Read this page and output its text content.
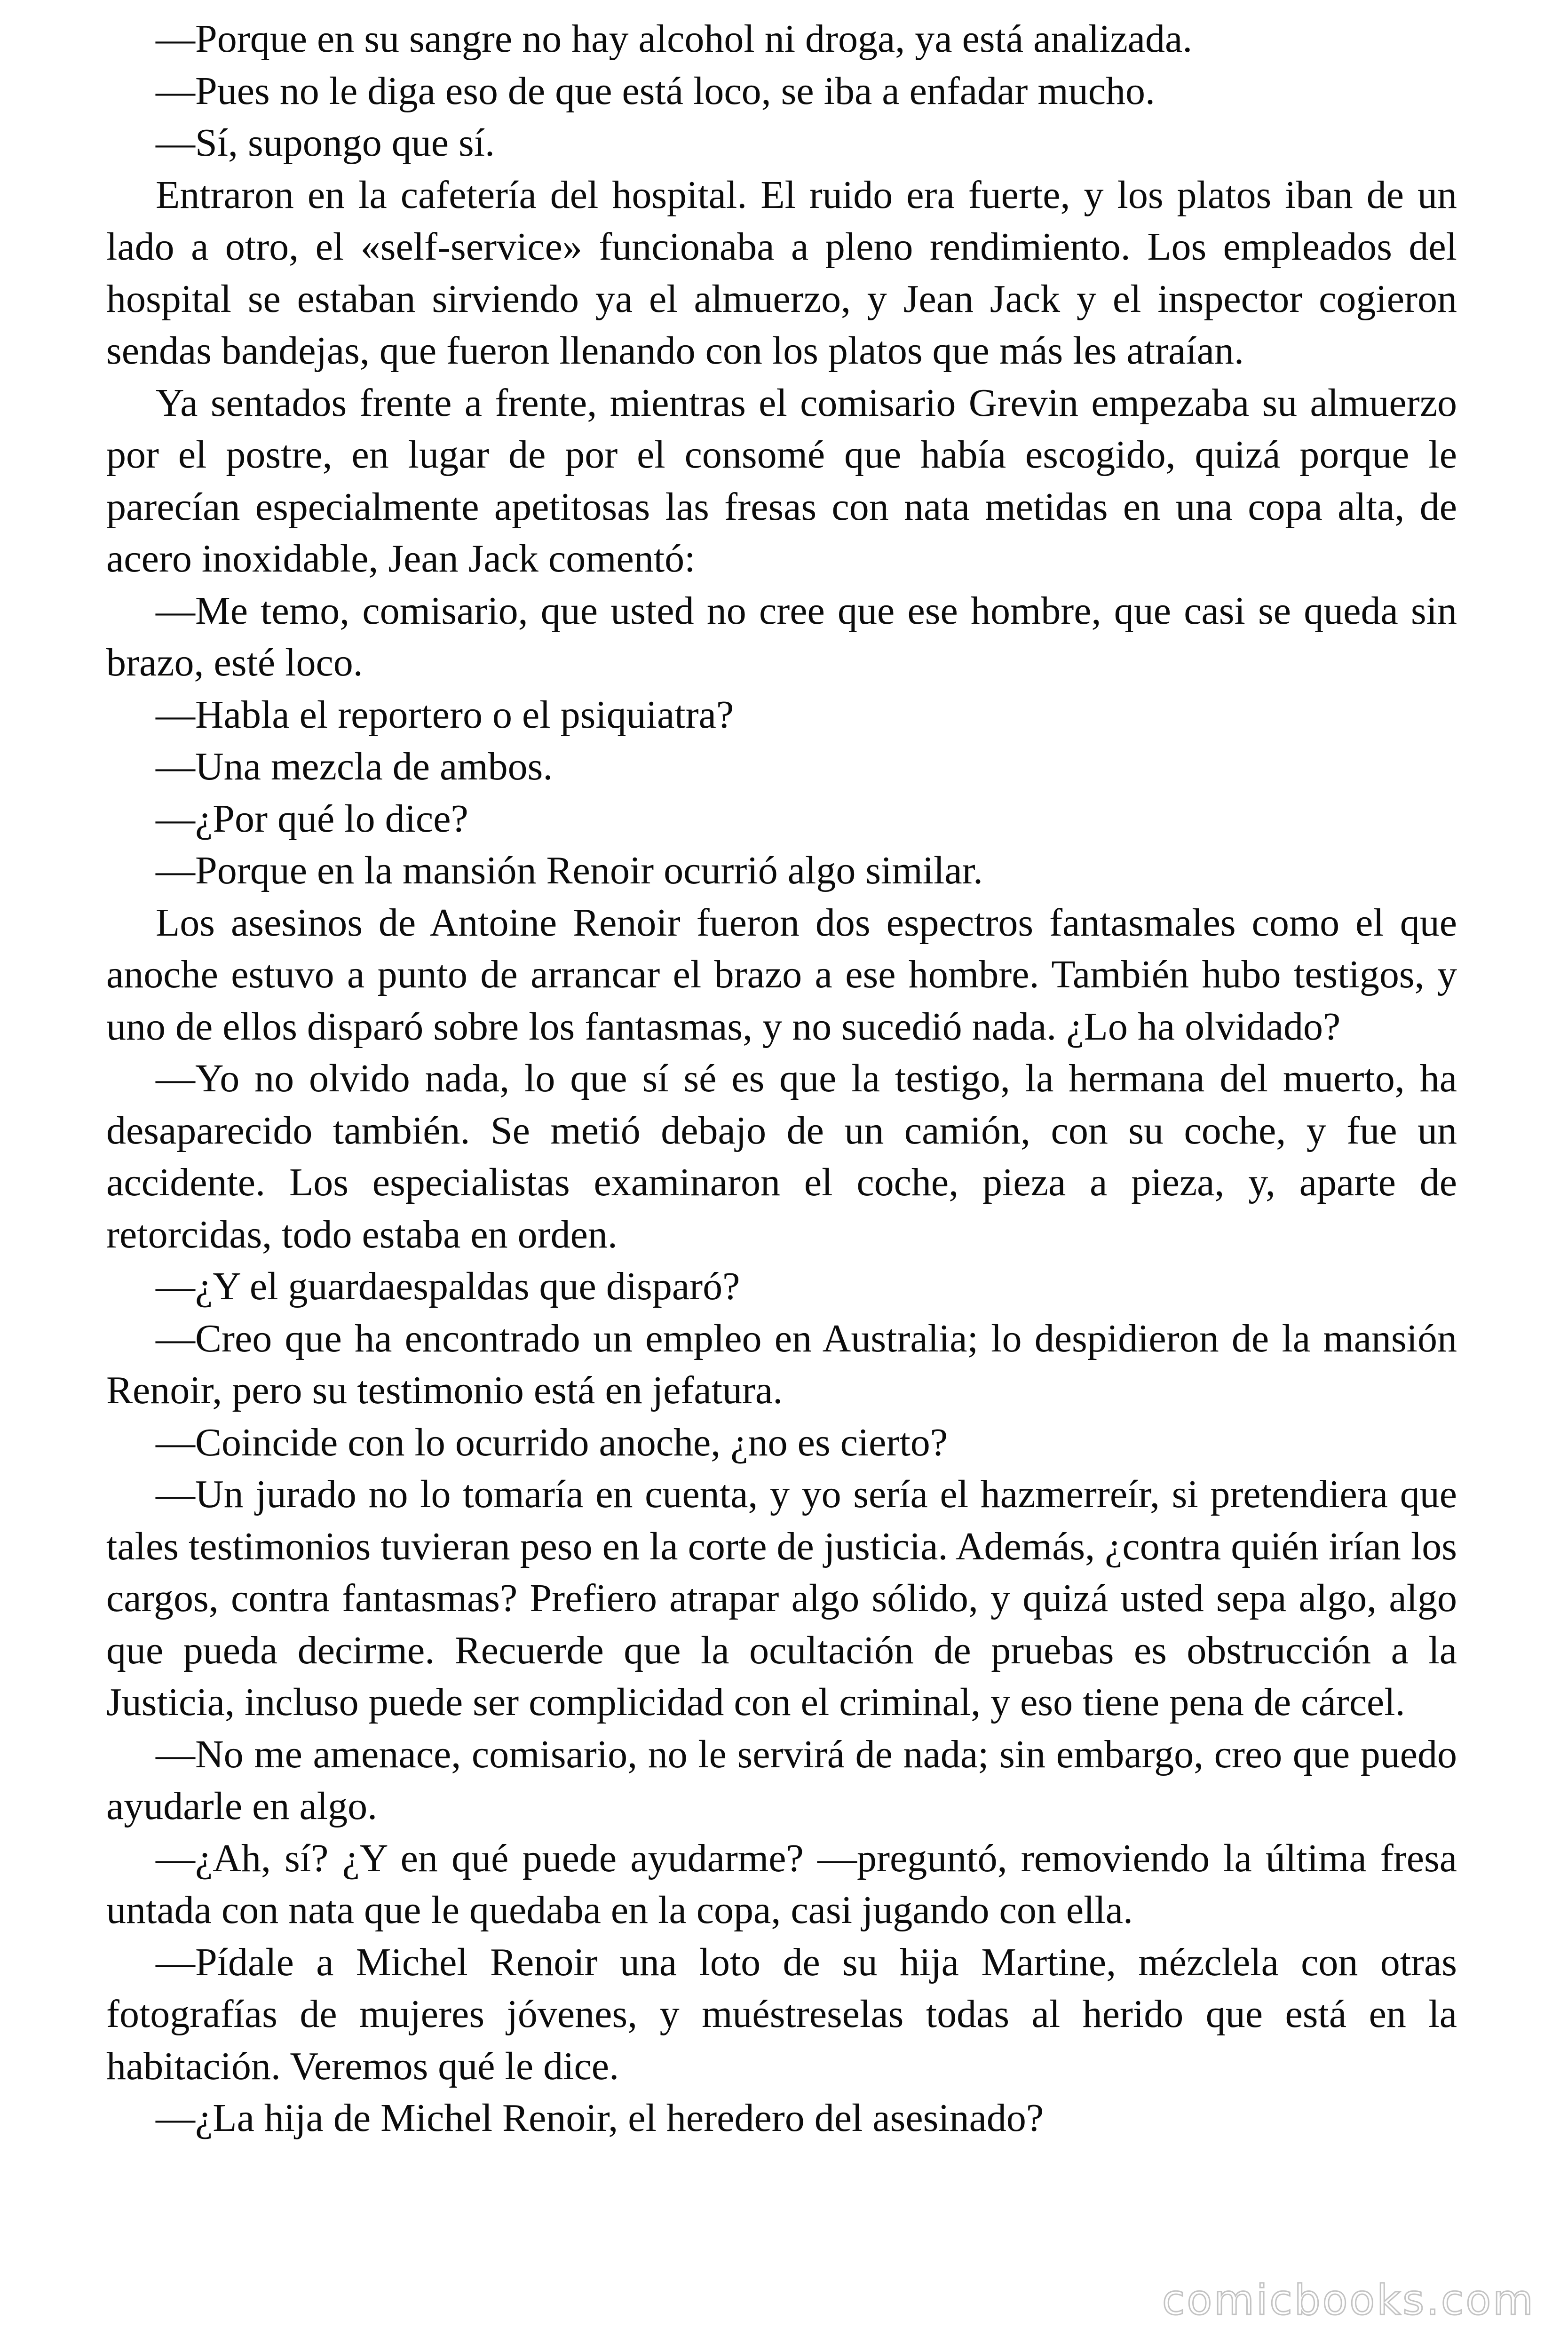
—Porque en su sangre no hay alcohol ni droga, ya está analizada.

—Pues no le diga eso de que está loco, se iba a enfadar mucho.

—Sí, supongo que sí.

Entraron en la cafetería del hospital. El ruido era fuerte, y los platos iban de un lado a otro, el «self-service» funcionaba a pleno rendimiento. Los empleados del hospital se estaban sirviendo ya el almuerzo, y Jean Jack y el inspector cogieron sendas bandejas, que fueron llenando con los platos que más les atraían.

Ya sentados frente a frente, mientras el comisario Grevin empezaba su almuerzo por el postre, en lugar de por el consomé que había escogido, quizá porque le parecían especialmente apetitosas las fresas con nata metidas en una copa alta, de acero inoxidable, Jean Jack comentó:

—Me temo, comisario, que usted no cree que ese hombre, que casi se queda sin brazo, esté loco.

—Habla el reportero o el psiquiatra?

—Una mezcla de ambos.

—¿Por qué lo dice?

—Porque en la mansión Renoir ocurrió algo similar.

Los asesinos de Antoine Renoir fueron dos espectros fantasmales como el que anoche estuvo a punto de arrancar el brazo a ese hombre. También hubo testigos, y uno de ellos disparó sobre los fantasmas, y no sucedió nada. ¿Lo ha olvidado?

—Yo no olvido nada, lo que sí sé es que la testigo, la hermana del muerto, ha desaparecido también. Se metió debajo de un camión, con su coche, y fue un accidente. Los especialistas examinaron el coche, pieza a pieza, y, aparte de retorcidas, todo estaba en orden.

—¿Y el guardaespaldas que disparó?

—Creo que ha encontrado un empleo en Australia; lo despidieron de la mansión Renoir, pero su testimonio está en jefatura.

—Coincide con lo ocurrido anoche, ¿no es cierto?

—Un jurado no lo tomaría en cuenta, y yo sería el hazmerreír, si pretendiera que tales testimonios tuvieran peso en la corte de justicia. Además, ¿contra quién irían los cargos, contra fantasmas? Prefiero atrapar algo sólido, y quizá usted sepa algo, algo que pueda decirme. Recuerde que la ocultación de pruebas es obstrucción a la Justicia, incluso puede ser complicidad con el criminal, y eso tiene pena de cárcel.

—No me amenace, comisario, no le servirá de nada; sin embargo, creo que puedo ayudarle en algo.

—¿Ah, sí? ¿Y en qué puede ayudarme? —preguntó, removiendo la última fresa untada con nata que le quedaba en la copa, casi jugando con ella.

—Pídale a Michel Renoir una loto de su hija Martine, mézclela con otras fotografías de mujeres jóvenes, y muéstreselas todas al herido que está en la habitación. Veremos qué le dice.

—¿La hija de Michel Renoir, el heredero del asesinado?

comicbooks.com
